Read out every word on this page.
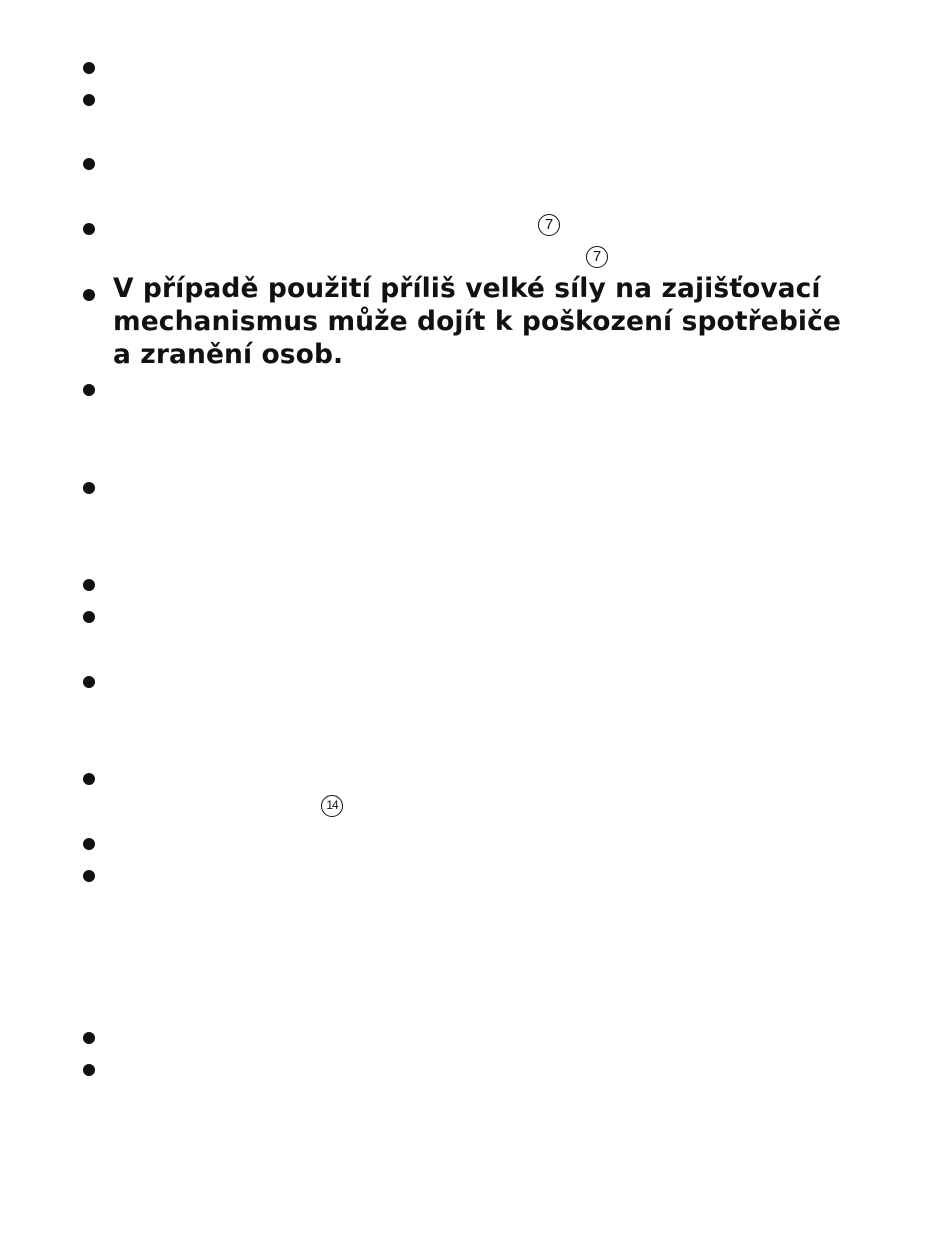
7
7
14

V případě použití příliš velké síly na zajišťovací
mechanismus může dojít k poškození spotřebiče
a zranění osob.
